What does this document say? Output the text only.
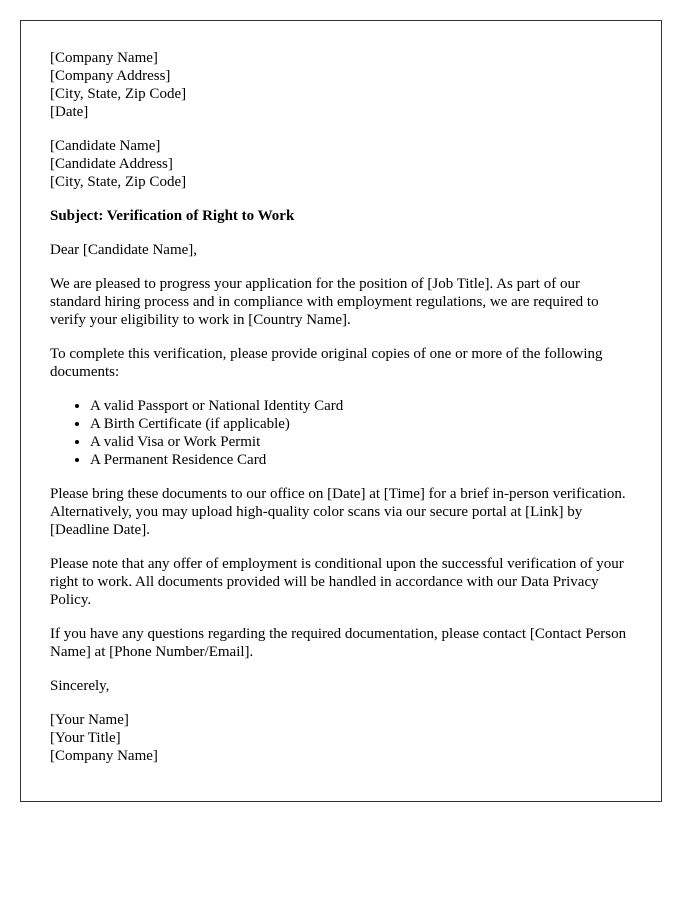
[Company Name]
[Company Address]
[City, State, Zip Code]
[Date]
[Candidate Name]
[Candidate Address]
[City, State, Zip Code]
Subject: Verification of Right to Work

Dear [Candidate Name],

We are pleased to progress your application for the position of [Job Title]. As part of our standard hiring process and in compliance with employment regulations, we are required to verify your eligibility to work in [Country Name].

To complete this verification, please provide original copies of one or more of the following documents:

• A valid Passport or National Identity Card
• A Birth Certificate (if applicable)
• A valid Visa or Work Permit
• A Permanent Residence Card

Please bring these documents to our office on [Date] at [Time] for a brief in-person verification. Alternatively, you may upload high-quality color scans via our secure portal at [Link] by [Deadline Date].

Please note that any offer of employment is conditional upon the successful verification of your right to work. All documents provided will be handled in accordance with our Data Privacy Policy.

If you have any questions regarding the required documentation, please contact [Contact Person Name] at [Phone Number/Email].

Sincerely,

[Your Name]
[Your Title]
[Company Name]
